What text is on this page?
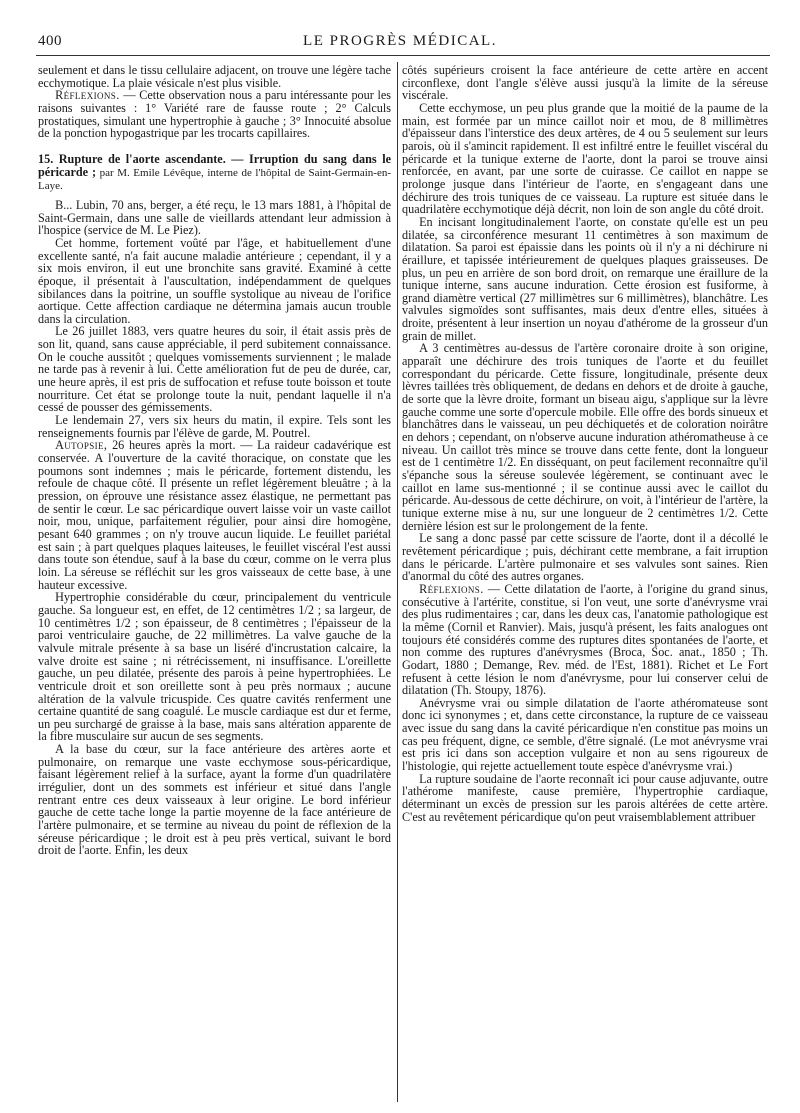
400	LE PROGRÈS MÉDICAL.

seulement et dans le tissu cellulaire adjacent, on trouve une légère tache ecchymotique. La plaie vésicale n'est plus visible.

Réflexions. — Cette observation nous a paru intéressante pour les raisons suivantes : 1° Variété rare de fausse route ; 2° Calculs prostatiques, simulant une hypertrophie à gauche ; 3° Innocuité absolue de la ponction hypogastrique par les trocarts capillaires.

15. Rupture de l'aorte ascendante. — Irruption du sang dans le péricarde ; par M. Emile Lévêque, interne de l'hôpital de Saint-Germain-en-Laye.

B... Lubin, 70 ans, berger, a été reçu, le 13 mars 1881, à l'hôpital de Saint-Germain, dans une salle de vieillards attendant leur admission à l'hospice (service de M. Le Piez).

Cet homme, fortement voûté par l'âge, et habituellement d'une excellente santé, n'a fait aucune maladie antérieure ; cependant, il y a six mois environ, il eut une bronchite sans gravité. Examiné à cette époque, il présentait à l'auscultation, indépendamment de quelques sibilances dans la poitrine, un souffle systolique au niveau de l'orifice aortique. Cette affection cardiaque ne détermina jamais aucun trouble dans la circulation.

Le 26 juillet 1883, vers quatre heures du soir, il était assis près de son lit, quand, sans cause appréciable, il perd subitement connaissance. On le couche aussitôt ; quelques vomissements surviennent ; le malade ne tarde pas à revenir à lui. Cette amélioration fut de peu de durée, car, une heure après, il est pris de suffocation et refuse toute boisson et toute nourriture. Cet état se prolonge toute la nuit, pendant laquelle il n'a cessé de pousser des gémissements.

Le lendemain 27, vers six heurs du matin, il expire. Tels sont les renseignements fournis par l'élève de garde, M. Poutrel.

Autopsie, 26 heures après la mort. — La raideur cadavérique est conservée. A l'ouverture de la cavité thoracique, on constate que les poumons sont indemnes ; mais le péricarde, fortement distendu, les refoule de chaque côté. Il présente un reflet légèrement bleuâtre ; à la pression, on éprouve une résistance assez élastique, ne permettant pas de sentir le cœur. Le sac péricardique ouvert laisse voir un vaste caillot noir, mou, unique, parfaitement régulier, pour ainsi dire homogène, pesant 640 grammes ; on n'y trouve aucun liquide. Le feuillet pariétal est sain ; à part quelques plaques laiteuses, le feuillet viscéral l'est aussi dans toute son étendue, sauf à la base du cœur, comme on le verra plus loin. La séreuse se réfléchit sur les gros vaisseaux de cette base, à une hauteur excessive.

Hypertrophie considérable du cœur, principalement du ventricule gauche. Sa longueur est, en effet, de 12 centimètres 1/2 ; sa largeur, de 10 centimètres 1/2 ; son épaisseur, de 8 centimètres ; l'épaisseur de la paroi ventriculaire gauche, de 22 millimètres. La valve gauche de la valvule mitrale présente à sa base un liséré d'incrustation calcaire, la valve droite est saine ; ni rétrécissement, ni insuffisance. L'oreillette gauche, un peu dilatée, présente des parois à peine hypertrophiées. Le ventricule droit et son oreillette sont à peu près normaux ; aucune altération de la valvule tricuspide. Ces quatre cavités renferment une certaine quantité de sang coagulé. Le muscle cardiaque est dur et ferme, un peu surchargé de graisse à la base, mais sans altération apparente de la fibre musculaire sur aucun de ses segments.

A la base du cœur, sur la face antérieure des artères aorte et pulmonaire, on remarque une vaste ecchymose sous-péricardique, faisant légèrement relief à la surface, ayant la forme d'un quadrilatère irrégulier, dont un des sommets est inférieur et situé dans l'angle rentrant entre ces deux vaisseaux à leur origine. Le bord inférieur gauche de cette tache longe la partie moyenne de la face antérieure de l'artère pulmonaire, et se termine au niveau du point de réflexion de la séreuse péricardique ; le droit est à peu près vertical, suivant le bord droit de l'aorte. Enfin, les deux

côtés supérieurs croisent la face antérieure de cette artère en accent circonflexe, dont l'angle s'élève aussi jusqu'à la limite de la séreuse viscérale.

Cette ecchymose, un peu plus grande que la moitié de la paume de la main, est formée par un mince caillot noir et mou, de 8 millimètres d'épaisseur dans l'interstice des deux artères, de 4 ou 5 seulement sur leurs parois, où il s'amincit rapidement. Il est infiltré entre le feuillet viscéral du péricarde et la tunique externe de l'aorte, dont la paroi se trouve ainsi renforcée, en avant, par une sorte de cuirasse. Ce caillot en nappe se prolonge jusque dans l'intérieur de l'aorte, en s'engageant dans une déchirure des trois tuniques de ce vaisseau. La rupture est située dans le quadrilatère ecchymotique déjà décrit, non loin de son angle du côté droit.

En incisant longitudinalement l'aorte, on constate qu'elle est un peu dilatée, sa circonférence mesurant 11 centimètres à son maximum de dilatation. Sa paroi est épaissie dans les points où il n'y a ni déchirure ni éraillure, et tapissée intérieurement de quelques plaques graisseuses. De plus, un peu en arrière de son bord droit, on remarque une éraillure de la tunique interne, sans aucune induration. Cette érosion est fusiforme, à grand diamètre vertical (27 millimètres sur 6 millimètres), blanchâtre. Les valvules sigmoïdes sont suffisantes, mais deux d'entre elles, situées à droite, présentent à leur insertion un noyau d'athérome de la grosseur d'un grain de millet.

A 3 centimètres au-dessus de l'artère coronaire droite à son origine, apparaît une déchirure des trois tuniques de l'aorte et du feuillet correspondant du péricarde. Cette fissure, longitudinale, présente deux lèvres taillées très obliquement, de dedans en dehors et de droite à gauche, de sorte que la lèvre droite, formant un biseau aigu, s'applique sur la lèvre gauche comme une sorte d'opercule mobile. Elle offre des bords sinueux et blanchâtres dans le vaisseau, un peu déchiquetés et de coloration noirâtre en dehors ; cependant, on n'observe aucune induration athéromatheuse à ce niveau. Un caillot très mince se trouve dans cette fente, dont la longueur est de 1 centimètre 1/2. En disséquant, on peut facilement reconnaître qu'il s'épanche sous la séreuse soulevée légèrement, se continuant avec le caillot en lame sus-mentionné ; il se continue aussi avec le caillot du péricarde. Au-dessous de cette déchirure, on voit, à l'intérieur de l'artère, la tunique externe mise à nu, sur une longueur de 2 centimètres 1/2. Cette dernière lésion est sur le prolongement de la fente.

Le sang a donc passé par cette scissure de l'aorte, dont il a décollé le revêtement péricardique ; puis, déchirant cette membrane, a fait irruption dans le péricarde. L'artère pulmonaire et ses valvules sont saines. Rien d'anormal du côté des autres organes.

Réflexions. — Cette dilatation de l'aorte, à l'origine du grand sinus, consécutive à l'artérite, constitue, si l'on veut, une sorte d'anévrysme vrai des plus rudimentaires ; car, dans les deux cas, l'anatomie pathologique est la même (Cornil et Ranvier). Mais, jusqu'à présent, les faits analogues ont toujours été considérés comme des ruptures dites spontanées de l'aorte, et non comme des ruptures d'anévrysmes (Broca, Soc. anat., 1850 ; Th. Godart, 1880 ; Demange, Rev. méd. de l'Est, 1881). Richet et Le Fort refusent à cette lésion le nom d'anévrysme, pour lui conserver celui de dilatation (Th. Stoupy, 1876).

Anévrysme vrai ou simple dilatation de l'aorte athéromateuse sont donc ici synonymes ; et, dans cette circonstance, la rupture de ce vaisseau avec issue du sang dans la cavité péricardique n'en constitue pas moins un cas peu fréquent, digne, ce semble, d'être signalé. (Le mot anévrysme vrai est pris ici dans son acception vulgaire et non au sens rigoureux de l'histologie, qui rejette actuellement toute espèce d'anévrysme vrai.)

La rupture soudaine de l'aorte reconnaît ici pour cause adjuvante, outre l'athérome manifeste, cause première, l'hypertrophie cardiaque, déterminant un excès de pression sur les parois altérées de cette artère. C'est au revêtement péricardique qu'on peut vraisemblablement attribuer
